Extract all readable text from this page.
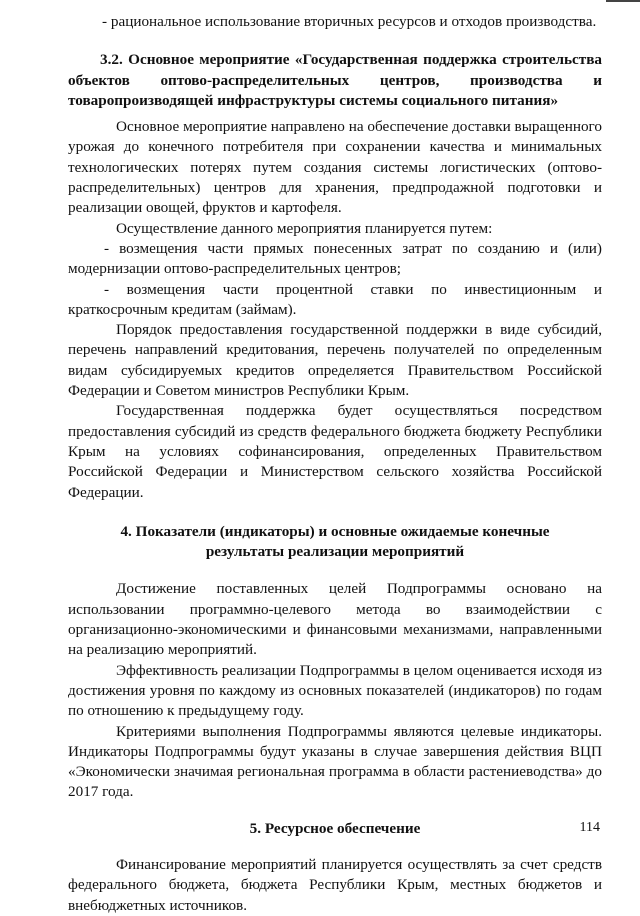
- рациональное использование вторичных ресурсов и отходов производства.

3.2. Основное мероприятие «Государственная поддержка строительства объектов оптово-распределительных центров, производства и товаропроизводящей инфраструктуры системы социального питания»

Основное мероприятие направлено на обеспечение доставки выращенного урожая до конечного потребителя при сохранении качества и минимальных технологических потерях путем создания системы логистических (оптово-распределительных) центров для хранения, предпродажной подготовки и реализации овощей, фруктов и картофеля.

Осуществление данного мероприятия планируется путем:

- возмещения части прямых понесенных затрат по созданию и (или) модернизации оптово-распределительных центров;

- возмещения части процентной ставки по инвестиционным и краткосрочным кредитам (займам).

Порядок предоставления государственной поддержки в виде субсидий, перечень направлений кредитования, перечень получателей по определенным видам субсидируемых кредитов определяется Правительством Российской Федерации и Советом министров Республики Крым.

Государственная поддержка будет осуществляться посредством предоставления субсидий из средств федерального бюджета бюджету Республики Крым на условиях софинансирования, определенных Правительством Российской Федерации и Министерством сельского хозяйства Российской Федерации.

4. Показатели (индикаторы) и основные ожидаемые конечные
результаты реализации мероприятий

Достижение поставленных целей Подпрограммы основано на использовании программно-целевого метода во взаимодействии с организационно-экономическими и финансовыми механизмами, направленными на реализацию мероприятий.

Эффективность реализации Подпрограммы в целом оценивается исходя из достижения уровня по каждому из основных показателей (индикаторов) по годам по отношению к предыдущему году.

Критериями выполнения Подпрограммы являются целевые индикаторы. Индикаторы Подпрограммы будут указаны в случае завершения действия ВЦП «Экономически значимая региональная программа в области растениеводства» до 2017 года.

5. Ресурсное обеспечение

Финансирование мероприятий планируется осуществлять за счет средств федерального бюджета, бюджета Республики Крым, местных бюджетов и внебюджетных источников.

114
